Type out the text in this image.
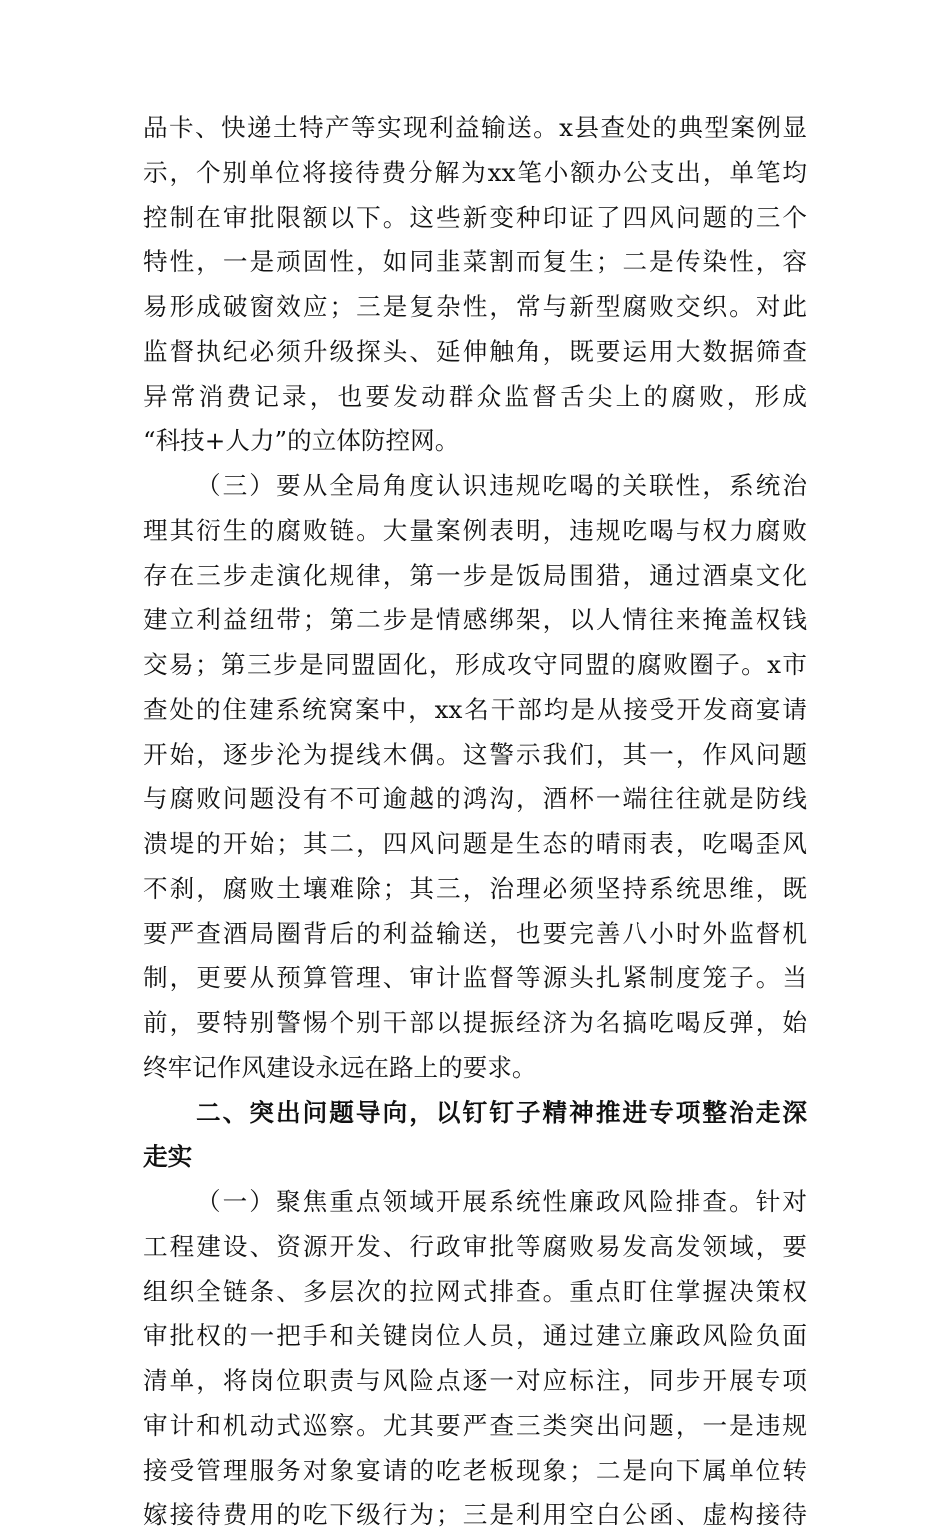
品卡、快递土特产等实现利益输送。x县查处的典型案例显
示，个别单位将接待费分解为xx笔小额办公支出，单笔均
控制在审批限额以下。这些新变种印证了四风问题的三个
特性，一是顽固性，如同韭菜割而复生；二是传染性，容
易形成破窗效应；三是复杂性，常与新型腐败交织。对此
监督执纪必须升级探头、延伸触角，既要运用大数据筛查
异常消费记录，也要发动群众监督舌尖上的腐败，形成
“科技+人力”的立体防控网。
（三）要从全局角度认识违规吃喝的关联性，系统治
理其衍生的腐败链。大量案例表明，违规吃喝与权力腐败
存在三步走演化规律，第一步是饭局围猎，通过酒桌文化
建立利益纽带；第二步是情感绑架，以人情往来掩盖权钱
交易；第三步是同盟固化，形成攻守同盟的腐败圈子。x市
查处的住建系统窝案中，xx名干部均是从接受开发商宴请
开始，逐步沦为提线木偶。这警示我们，其一，作风问题
与腐败问题没有不可逾越的鸿沟，酒杯一端往往就是防线
溃堤的开始；其二，四风问题是生态的晴雨表，吃喝歪风
不刹，腐败土壤难除；其三，治理必须坚持系统思维，既
要严查酒局圈背后的利益输送，也要完善八小时外监督机
制，更要从预算管理、审计监督等源头扎紧制度笼子。当
前，要特别警惕个别干部以提振经济为名搞吃喝反弹，始
终牢记作风建设永远在路上的要求。
二、突出问题导向，以钉钉子精神推进专项整治走深
走实
（一）聚焦重点领域开展系统性廉政风险排查。针对
工程建设、资源开发、行政审批等腐败易发高发领域，要
组织全链条、多层次的拉网式排查。重点盯住掌握决策权
审批权的一把手和关键岗位人员，通过建立廉政风险负面
清单，将岗位职责与风险点逐一对应标注，同步开展专项
审计和机动式巡察。尤其要严查三类突出问题，一是违规
接受管理服务对象宴请的吃老板现象；二是向下属单位转
嫁接待费用的吃下级行为；三是利用空白公函、虚构接待
